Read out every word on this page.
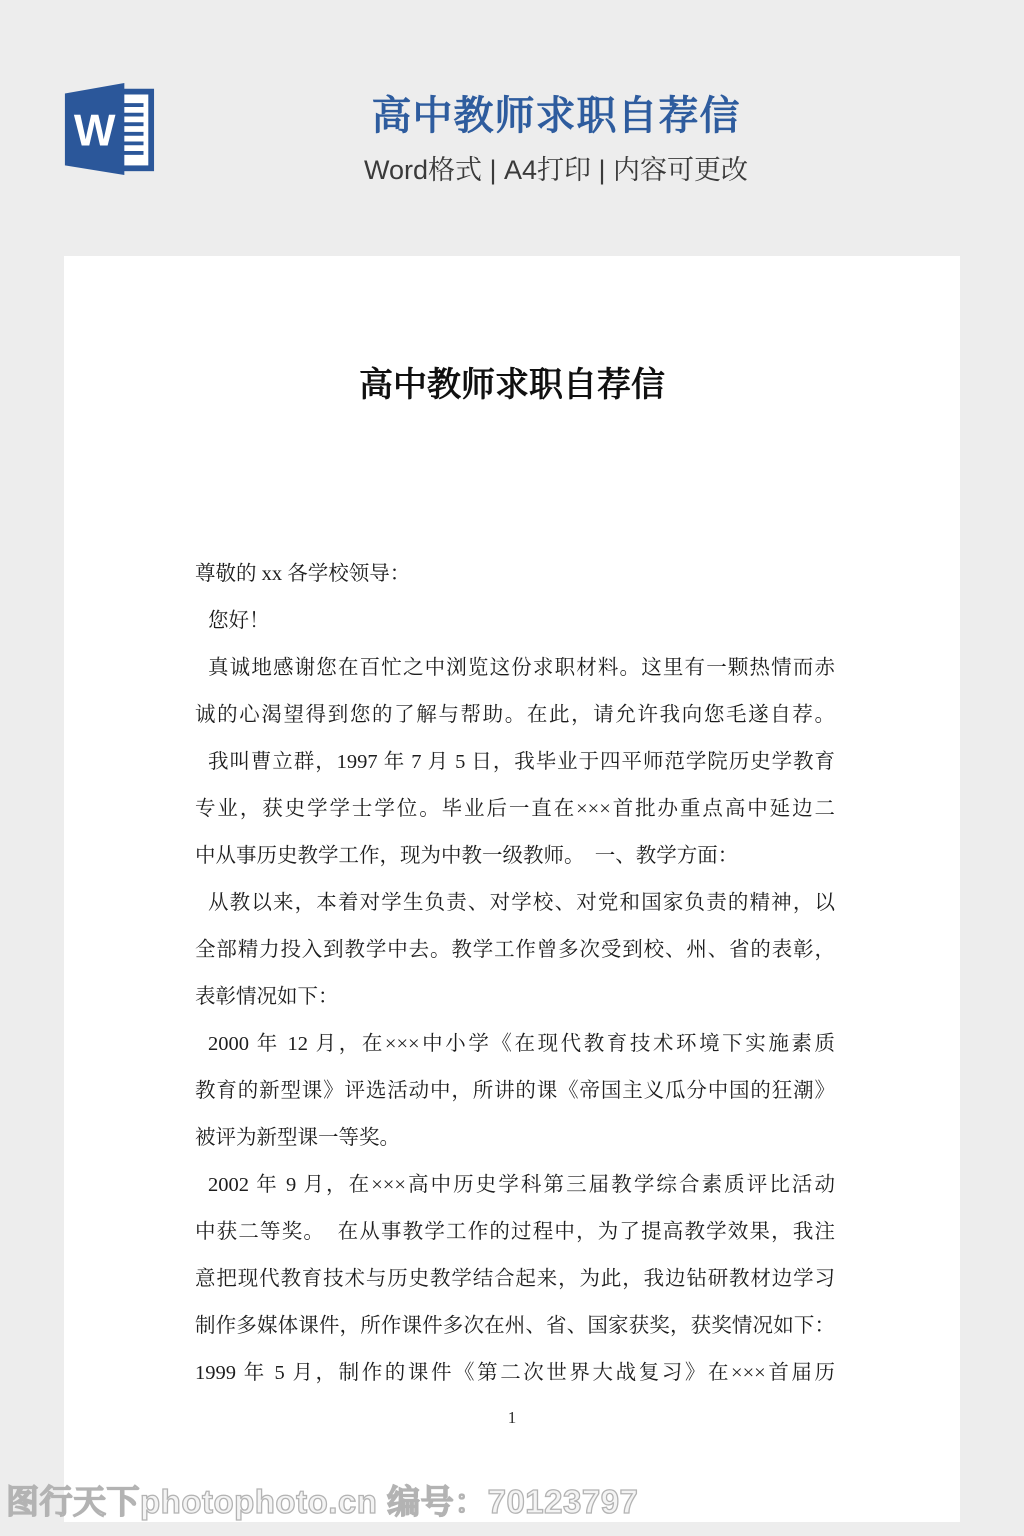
W	高中教师求职自荐信
Word格式 | A4打印 | 内容可更改
高中教师求职自荐信
尊敬的 xx 各学校领导：
您好！
真诚地感谢您在百忙之中浏览这份求职材料。这里有一颗热情而赤
诚的心渴望得到您的了解与帮助。在此，请允许我向您毛遂自荐。
我叫曹立群，1997 年 7 月 5 日，我毕业于四平师范学院历史学教育
专业，获史学学士学位。毕业后一直在×××首批办重点高中延边二
中从事历史教学工作，现为中教一级教师。  一、教学方面：
从教以来，本着对学生负责、对学校、对党和国家负责的精神，以
全部精力投入到教学中去。教学工作曾多次受到校、州、省的表彰，
表彰情况如下：
2000 年 12 月，在×××中小学《在现代教育技术环境下实施素质
教育的新型课》评选活动中，所讲的课《帝国主义瓜分中国的狂潮》
被评为新型课一等奖。
2002 年 9 月，在×××高中历史学科第三届教学综合素质评比活动
中获二等奖。  在从事教学工作的过程中，为了提高教学效果，我注
意把现代教育技术与历史教学结合起来，为此，我边钻研教材边学习
制作多媒体课件，所作课件多次在州、省、国家获奖，获奖情况如下：
1999 年 5 月，制作的课件《第二次世界大战复习》在×××首届历
1
图行天下photophoto.cn 编号：70123797
